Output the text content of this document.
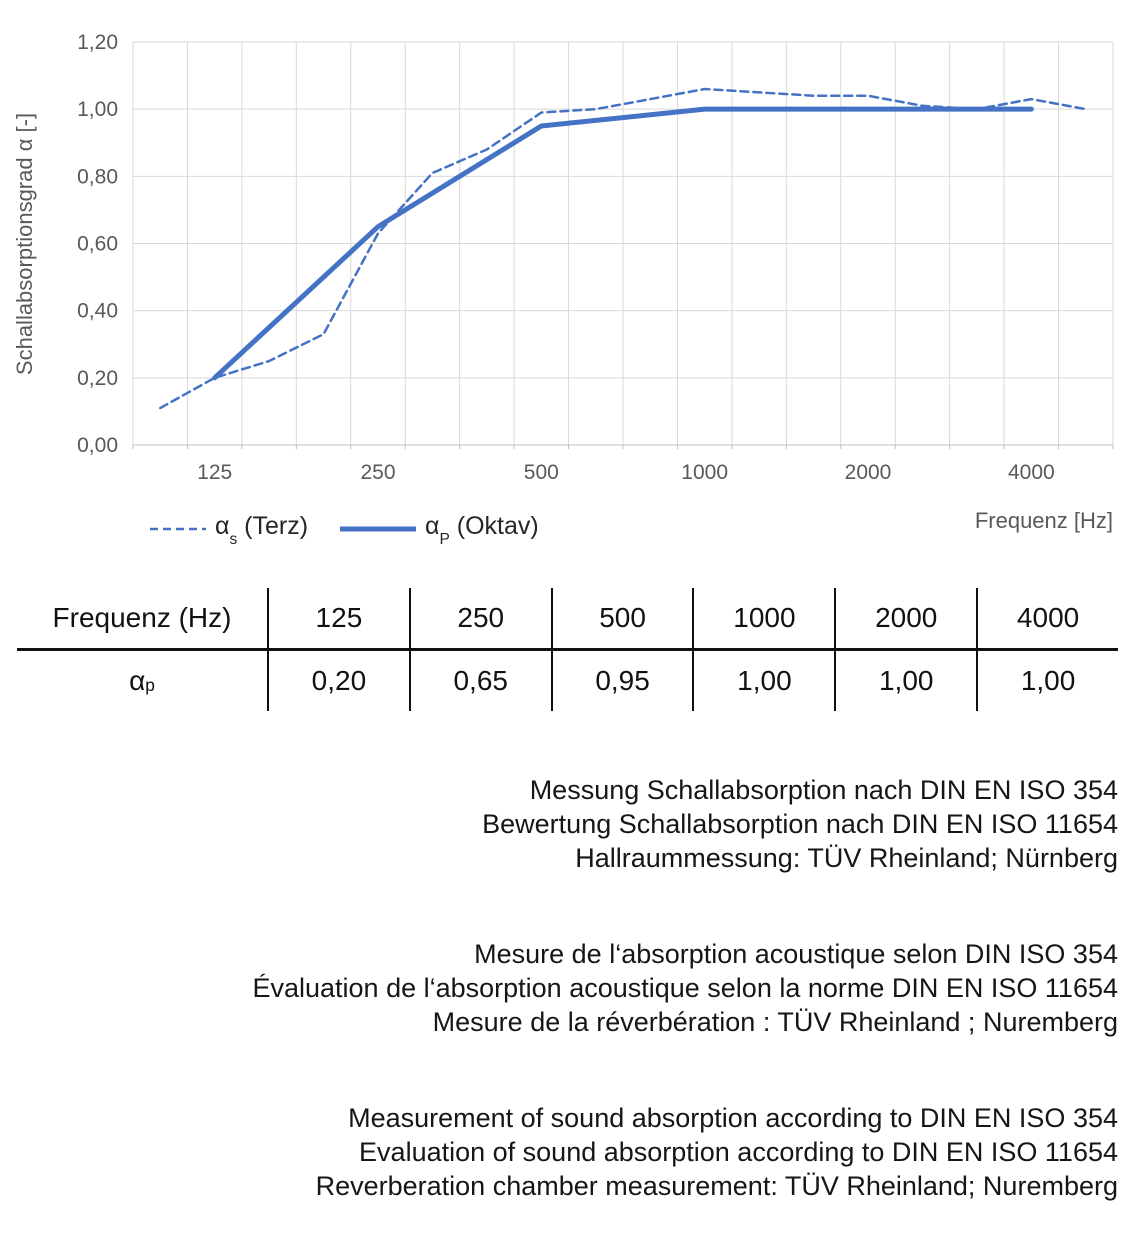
Schallabsorptionsgrad α [-]
Frequenz [Hz]
0,00
0,20
0,40
0,60
0,80
1,00
1,20
125	250	500	1000	2000	4000
$\alpha_s$ (Terz)	$\alpha_P$ (Oktav)
Frequenz (Hz)	125	250	500	1000	2000	4000
$\alpha_p$	0,20	0,65	0,95	1,00	1,00	1,00
Messung Schallabsorption nach DIN EN ISO 354
Bewertung Schallabsorption nach DIN EN ISO 11654
Hallraummessung: TÜV Rheinland; Nürnberg
Mesure de l‘absorption acoustique selon DIN ISO 354
Évaluation de l‘absorption acoustique selon la norme DIN EN ISO 11654
Mesure de la réverbération : TÜV Rheinland ; Nuremberg
Measurement of sound absorption according to DIN EN ISO 354
Evaluation of sound absorption according to DIN EN ISO 11654
Reverberation chamber measurement: TÜV Rheinland; Nuremberg
